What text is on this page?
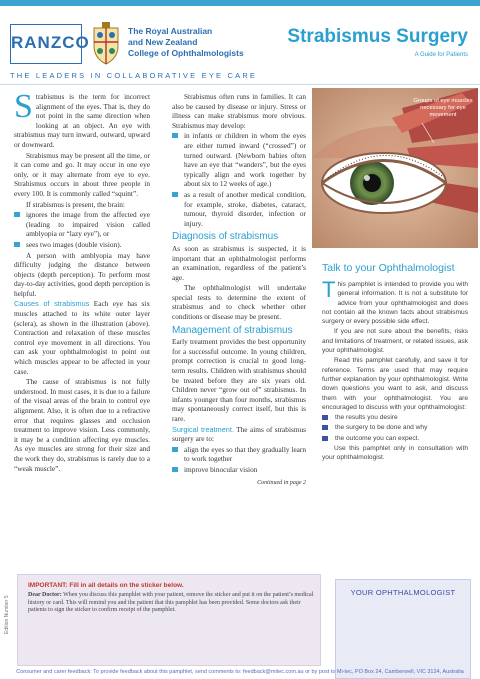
RANZCO
The Royal Australian
and New Zealand
College of Ophthalmologists
THE LEADERS IN COLLABORATIVE EYE CARE
Strabismus Surgery
A Guide for Patients

Strabismus is the term for incorrect alignment of the eyes. That is, they do not point in the same direction when looking at an object. An eye with strabismus may turn inward, outward, upward or downward.

Strabismus may be present all the time, or it can come and go. It may occur in one eye only, or it may alternate from eye to eye. Strabismus occurs in about three people in every 100. It is commonly called “squint”.

If strabismus is present, the brain:

ignores the image from the affected eye (leading to impaired vision called amblyopia or “lazy eye”), or
sees two images (double vision).

A person with amblyopia may have difficulty judging the distance between objects (depth perception). To perform most day-to-day activities, good depth perception is helpful.

Causes of strabismus Each eye has six muscles attached to its white outer layer (sclera), as shown in the illustration (above). Contraction and relaxation of these muscles control eye movement in all directions. You can ask your ophthalmologist to point out which muscles appear to be affected in your case.

The cause of strabismus is not fully understood. In most cases, it is due to a failure of the visual areas of the brain to control eye alignment. Also, it is often due to a refractive error that requires glasses and occlusion treatment to improve vision. Less commonly, it may be a condition affecting eye muscles. As eye muscles are strong for their size and the work they do, strabismus is rarely due to a “weak muscle”.

Strabismus often runs in families. It can also be caused by disease or injury. Stress or illness can make strabismus more obvious. Strabismus may develop:

in infants or children in whom the eyes are either turned inward (“crossed”) or turned outward. (Newborn babies often have an eye that “wanders”, but the eyes typically align and work together by about six to 12 weeks of age.)
as a result of another medical condition, for example, stroke, diabetes, cataract, tumour, thyroid disorder, infection or injury.
Diagnosis of strabismus

As soon as strabismus is suspected, it is important that an ophthalmologist performs an examination, regardless of the patient’s age.

The ophthalmologist will undertake special tests to determine the extent of strabismus and to check whether other conditions or disease may be present.

Management of strabismus

Early treatment provides the best opportunity for a successful outcome. In young children, prompt correction is crucial to good long-term results. Children with strabismus should be treated before they are six years old. Children never “grow out of” strabismus. In infants younger than four months, strabismus may spontaneously correct itself, but this is rare.

Surgical treatment. The aims of strabismus surgery are to:

align the eyes so that they gradually learn to work together
improve binocular vision
Continued in page 2
Groups of eye muscles necessary for eye movement
Sclera
Talk to your Ophthalmologist

This pamphlet is intended to provide you with general information. It is not a substitute for advice from your ophthalmologist and does not contain all the known facts about strabismus surgery or every possible side effect.

If you are not sure about the benefits, risks and limitations of treatment, or related issues, ask your ophthalmologist.

Read this pamphlet carefully, and save it for reference. Terms are used that may require further explanation by your ophthalmologist. Write down questions you want to ask, and discuss them with your ophthalmologist. You are encouraged to discuss with your ophthalmologist:

the results you desire
the surgery to be done and why
the outcome you can expect.

Use this pamphlet only in consultation with your ophthalmologist.

YOUR OPHTHALMOLOGIST
IMPORTANT: Fill in all details on the sticker below.
Dear Doctor: When you discuss this pamphlet with your patient, remove the sticker and put it on the patient’s medical history or card. This will remind you and the patient that this pamphlet has been provided. Some doctors ask their patients to sign the sticker to confirm receipt of the pamphlet.
Edition Number 5
Consumer and carer feedback: To provide feedback about this pamphlet, send comments to: feedback@mitec.com.au or by post to Mi-tec, PO Box 24, Camberwell, VIC 3124, Australia
